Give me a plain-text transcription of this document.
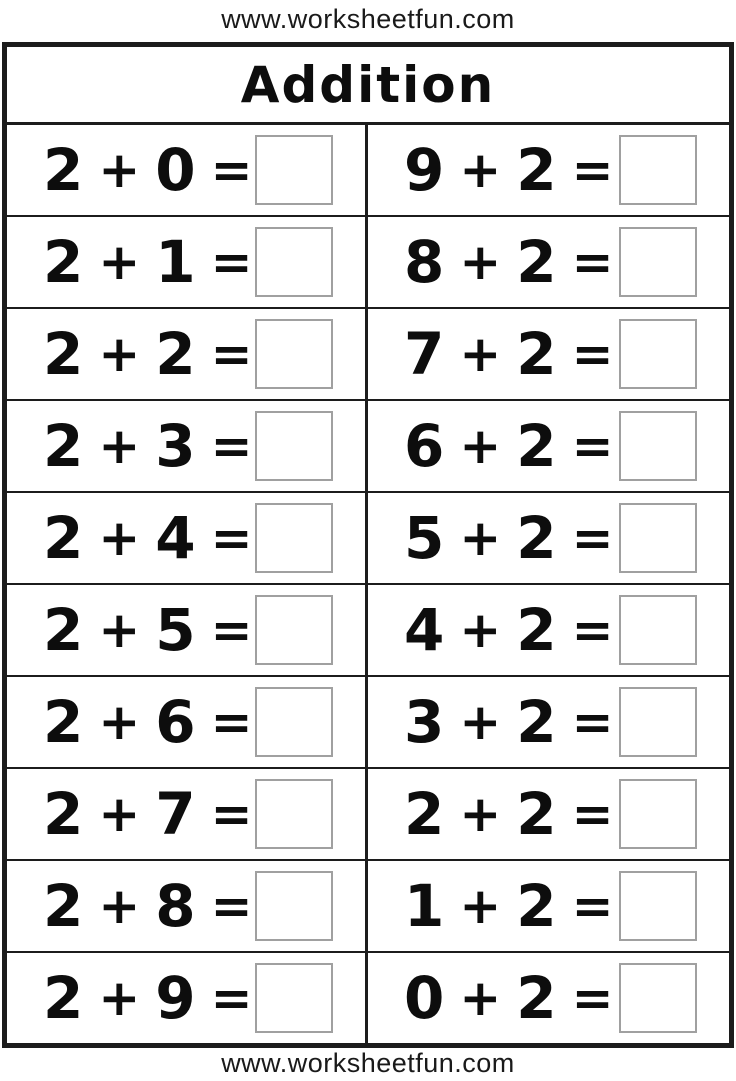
www.worksheetfun.com
Addition
2 + 0 =	9 + 2 =
2 + 1 =	8 + 2 =
2 + 2 =	7 + 2 =
2 + 3 =	6 + 2 =
2 + 4 =	5 + 2 =
2 + 5 =	4 + 2 =
2 + 6 =	3 + 2 =
2 + 7 =	2 + 2 =
2 + 8 =	1 + 2 =
2 + 9 =	0 + 2 =
www.worksheetfun.com
